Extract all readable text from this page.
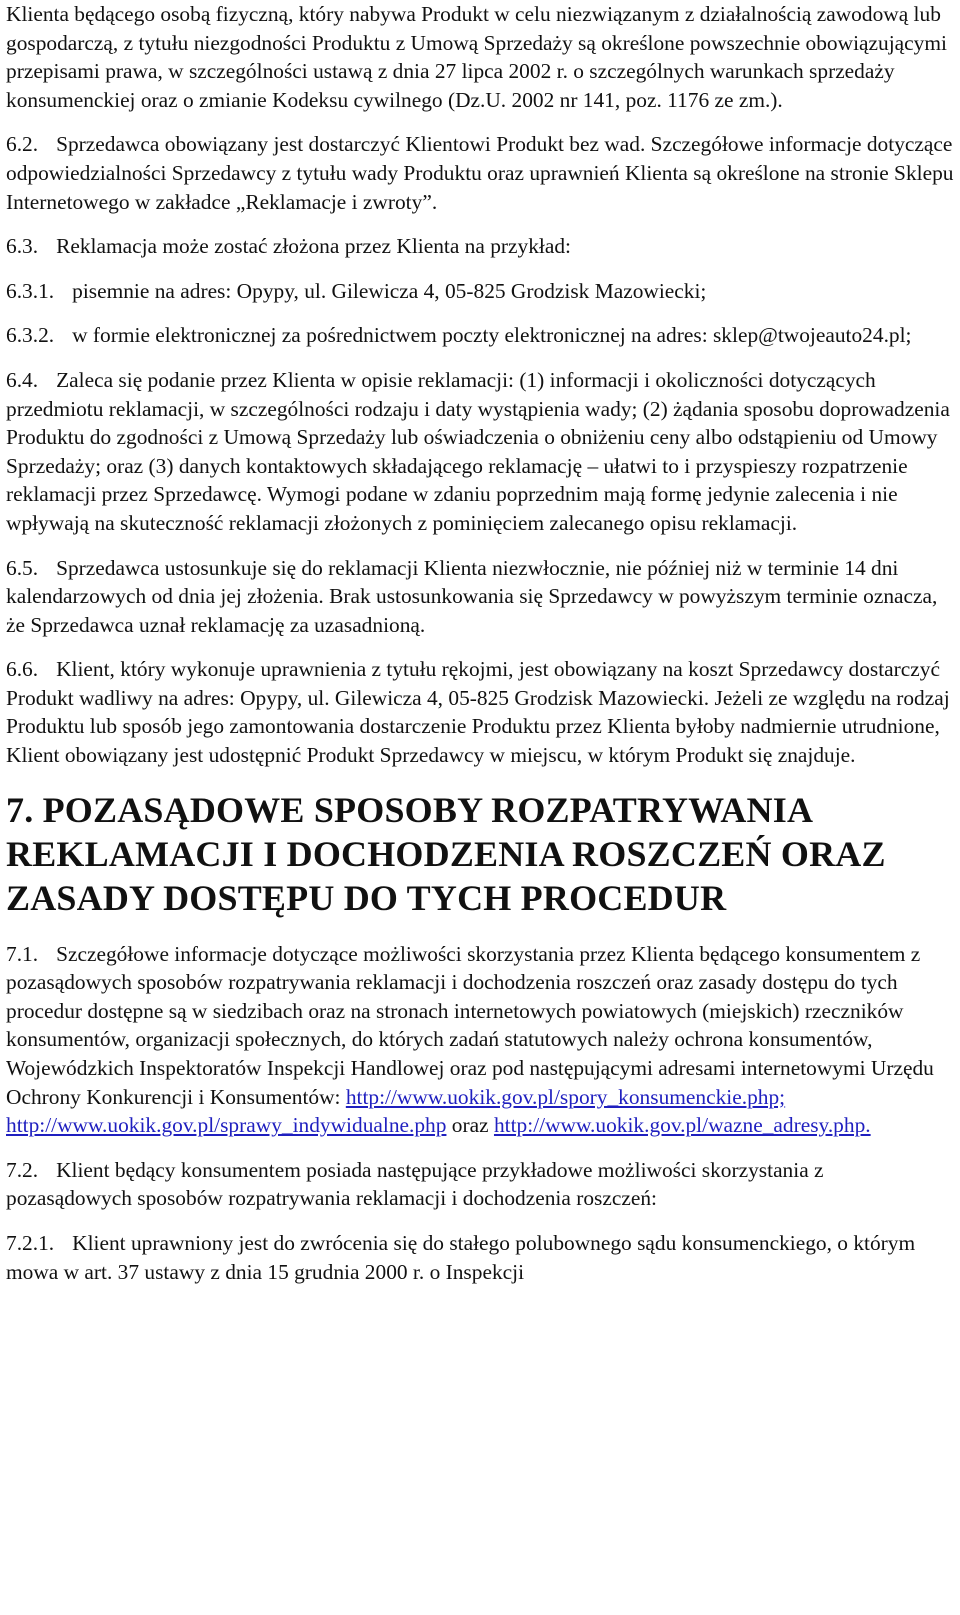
Klienta będącego osobą fizyczną, który nabywa Produkt w celu niezwiązanym z działalnością zawodową lub gospodarczą, z tytułu niezgodności Produktu z Umową Sprzedaży są określone powszechnie obowiązującymi przepisami prawa, w szczególności ustawą z dnia 27 lipca 2002 r. o szczególnych warunkach sprzedaży konsumenckiej oraz o zmianie Kodeksu cywilnego (Dz.U. 2002 nr 141, poz. 1176 ze zm.).

6.2. Sprzedawca obowiązany jest dostarczyć Klientowi Produkt bez wad. Szczegółowe informacje dotyczące odpowiedzialności Sprzedawcy z tytułu wady Produktu oraz uprawnień Klienta są określone na stronie Sklepu Internetowego w zakładce „Reklamacje i zwroty”.

6.3. Reklamacja może zostać złożona przez Klienta na przykład:

6.3.1. pisemnie na adres: Opypy, ul. Gilewicza 4, 05-825 Grodzisk Mazowiecki;

6.3.2. w formie elektronicznej za pośrednictwem poczty elektronicznej na adres: sklep@twojeauto24.pl;

6.4. Zaleca się podanie przez Klienta w opisie reklamacji: (1) informacji i okoliczności dotyczących przedmiotu reklamacji, w szczególności rodzaju i daty wystąpienia wady; (2) żądania sposobu doprowadzenia Produktu do zgodności z Umową Sprzedaży lub oświadczenia o obniżeniu ceny albo odstąpieniu od Umowy Sprzedaży; oraz (3) danych kontaktowych składającego reklamację – ułatwi to i przyspieszy rozpatrzenie reklamacji przez Sprzedawcę. Wymogi podane w zdaniu poprzednim mają formę jedynie zalecenia i nie wpływają na skuteczność reklamacji złożonych z pominięciem zalecanego opisu reklamacji.

6.5. Sprzedawca ustosunkuje się do reklamacji Klienta niezwłocznie, nie później niż w terminie 14 dni kalendarzowych od dnia jej złożenia. Brak ustosunkowania się Sprzedawcy w powyższym terminie oznacza, że Sprzedawca uznał reklamację za uzasadnioną.

6.6. Klient, który wykonuje uprawnienia z tytułu rękojmi, jest obowiązany na koszt Sprzedawcy dostarczyć Produkt wadliwy na adres: Opypy, ul. Gilewicza 4, 05-825 Grodzisk Mazowiecki. Jeżeli ze względu na rodzaj Produktu lub sposób jego zamontowania dostarczenie Produktu przez Klienta byłoby nadmiernie utrudnione, Klient obowiązany jest udostępnić Produkt Sprzedawcy w miejscu, w którym Produkt się znajduje.

7. POZASĄDOWE SPOSOBY ROZPATRYWANIA REKLAMACJI I DOCHODZENIA ROSZCZEŃ ORAZ ZASADY DOSTĘPU DO TYCH PROCEDUR

7.1. Szczegółowe informacje dotyczące możliwości skorzystania przez Klienta będącego konsumentem z pozasądowych sposobów rozpatrywania reklamacji i dochodzenia roszczeń oraz zasady dostępu do tych procedur dostępne są w siedzibach oraz na stronach internetowych powiatowych (miejskich) rzeczników konsumentów, organizacji społecznych, do których zadań statutowych należy ochrona konsumentów, Wojewódzkich Inspektoratów Inspekcji Handlowej oraz pod następującymi adresami internetowymi Urzędu Ochrony Konkurencji i Konsumentów: http://www.uokik.gov.pl/spory_konsumenckie.php; http://www.uokik.gov.pl/sprawy_indywidualne.php oraz http://www.uokik.gov.pl/wazne_adresy.php.

7.2. Klient będący konsumentem posiada następujące przykładowe możliwości skorzystania z pozasądowych sposobów rozpatrywania reklamacji i dochodzenia roszczeń:

7.2.1. Klient uprawniony jest do zwrócenia się do stałego polubownego sądu konsumenckiego, o którym mowa w art. 37 ustawy z dnia 15 grudnia 2000 r. o Inspekcji
